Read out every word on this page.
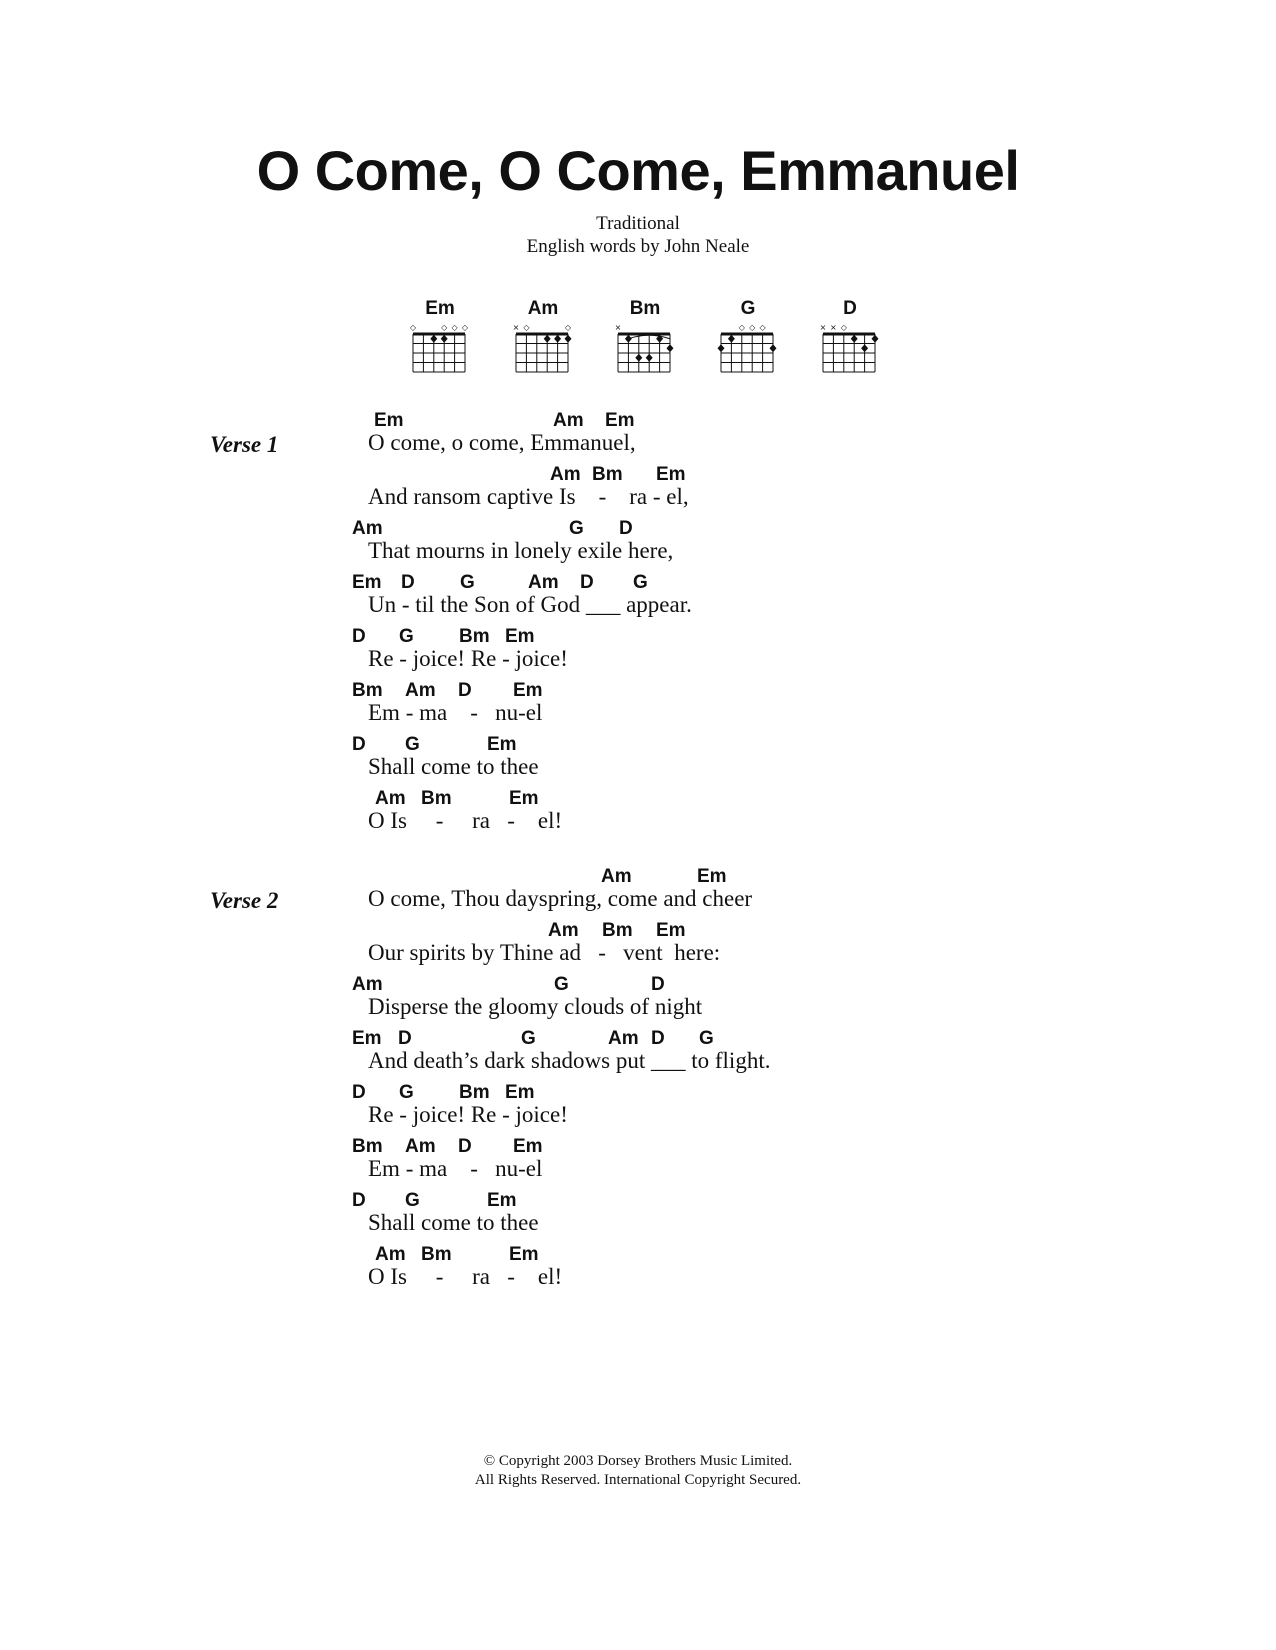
O Come, O Come, Emmanuel
Traditional
English words by John Neale
Em
◇	◇ ◇ ◇
Am
× ◇	◇
Bm
×
G
◇ ◇ ◇
D
× × ◇
Verse 1
Em	Am Em
O come, o come, Emmanuel,
Am Bm Em
And ransom captive Is    -    ra - el,
Am	G D
That mourns in lonely exile here,
Em D G	Am D G
Un - til the Son of God ___ appear.
D G Bm Em
Re - joice! Re - joice!
Bm Am D Em
Em - ma    -   nu-el
D G	Em
Shall come to thee
Am Bm	Em
O Is     -     ra   -    el!
Verse 2
Am	Em
O come, Thou dayspring, come and cheer
Am Bm Em
Our spirits by Thine ad   -   vent  here:
Am	G	D
Disperse the gloomy clouds of night
Em D	G	Am D G
And death’s dark shadows put ___ to flight.
D G Bm Em
Re - joice! Re - joice!
Bm Am D Em
Em - ma    -   nu-el
D G	Em
Shall come to thee
Am Bm	Em
O Is     -     ra   -    el!
© Copyright 2003 Dorsey Brothers Music Limited.
All Rights Reserved. International Copyright Secured.
